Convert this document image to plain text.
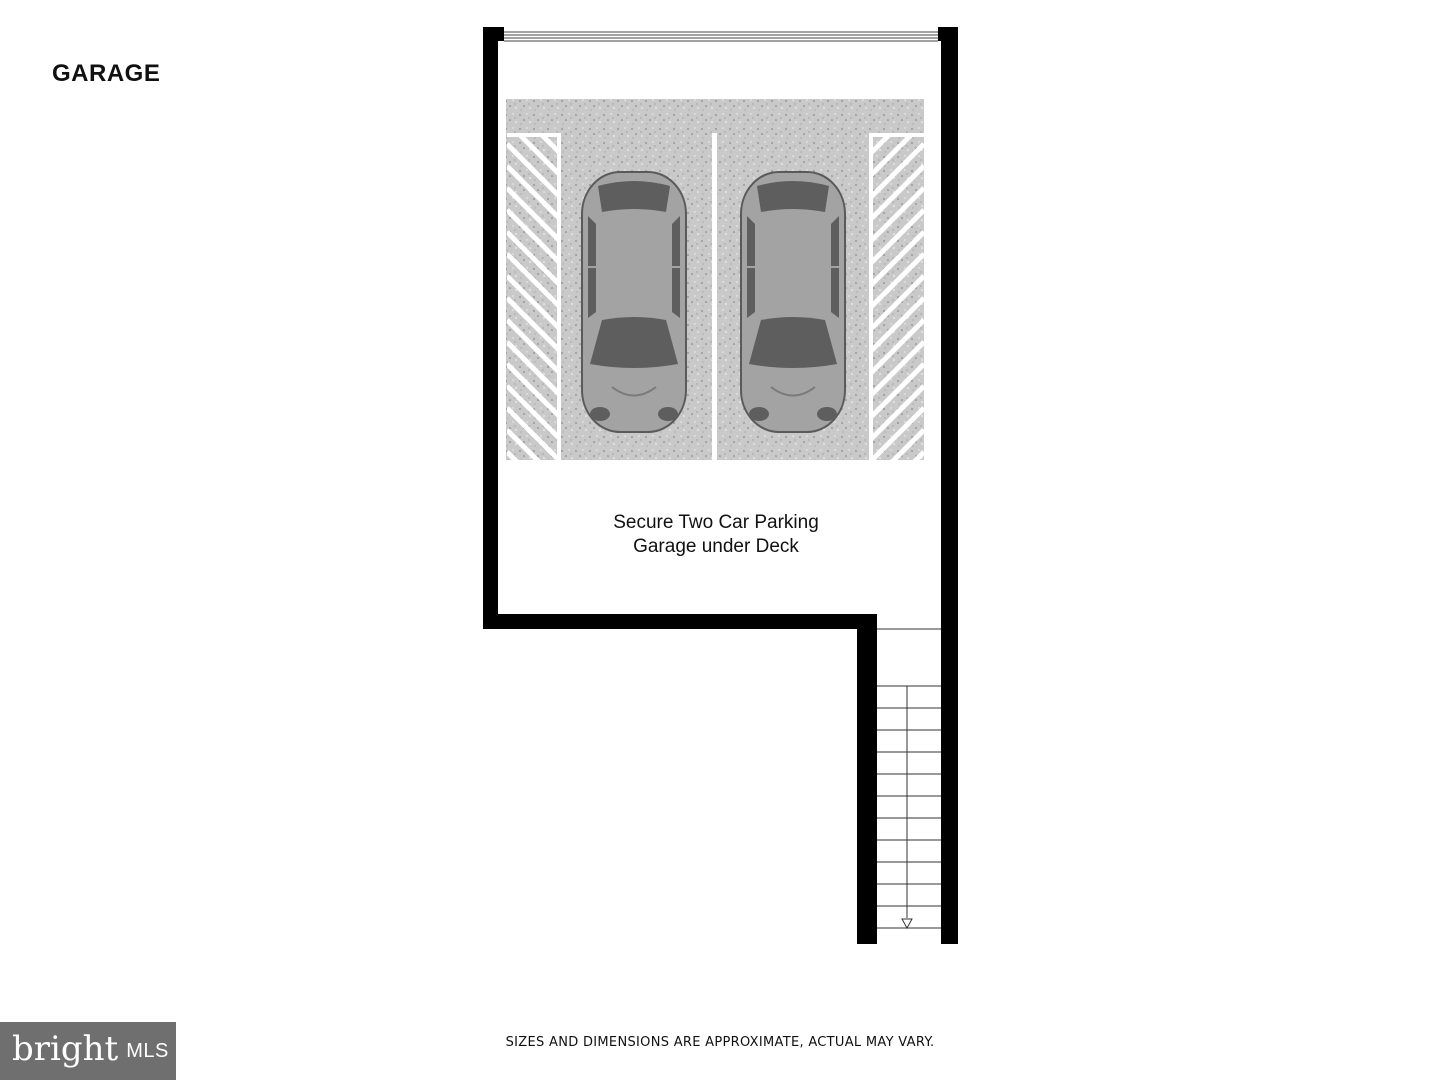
GARAGE
Secure Two Car Parking
Garage under Deck
SIZES AND DIMENSIONS ARE APPROXIMATE, ACTUAL MAY VARY.
bright MLS
